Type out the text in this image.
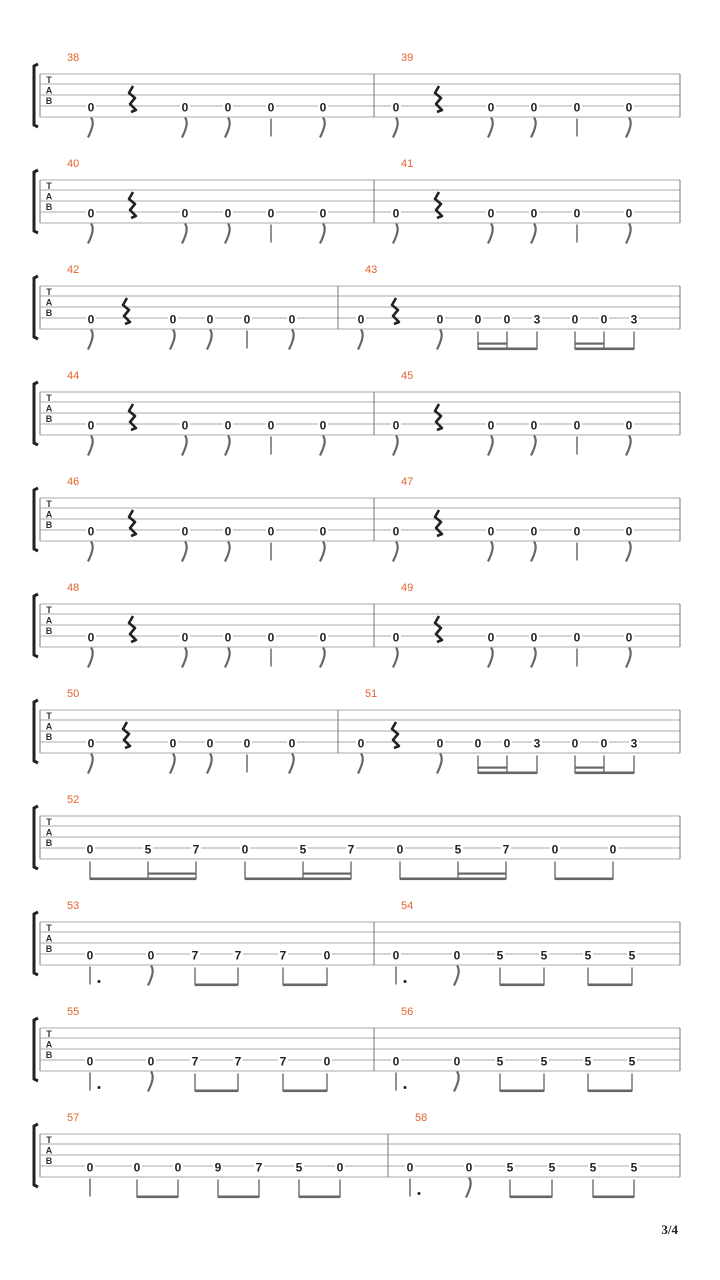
T
A
B
38
0	0	0	0	0
39
0	0	0	0	0
T
A
B
40
0	0	0	0	0
41
0	0	0	0	0
T
A
B
42
0	0	0	0	0
43
0	0	0 0 3	0 0 3
T
A
B
44
0	0	0	0	0
45
0	0	0	0	0
T
A
B
46
0	0	0	0	0
47
0	0	0	0	0
T
A
B
48
0	0	0	0	0
49
0	0	0	0	0
T
A
B
50
0	0	0	0	0
51
0	0	0 0 3	0 0 3
T
A
B
52
0	5	7	0	5	7	0	5	7	0	0
T
A
B
53
0	0	7	7	7	0
54
0	0	5	5	5	5
T
A
B
55
0	0	7	7	7	0
56
0	0	5	5	5	5
T
A
B
57
0	0	0	9	7	5	0
58
0	0	5	5	5	5
3/4
